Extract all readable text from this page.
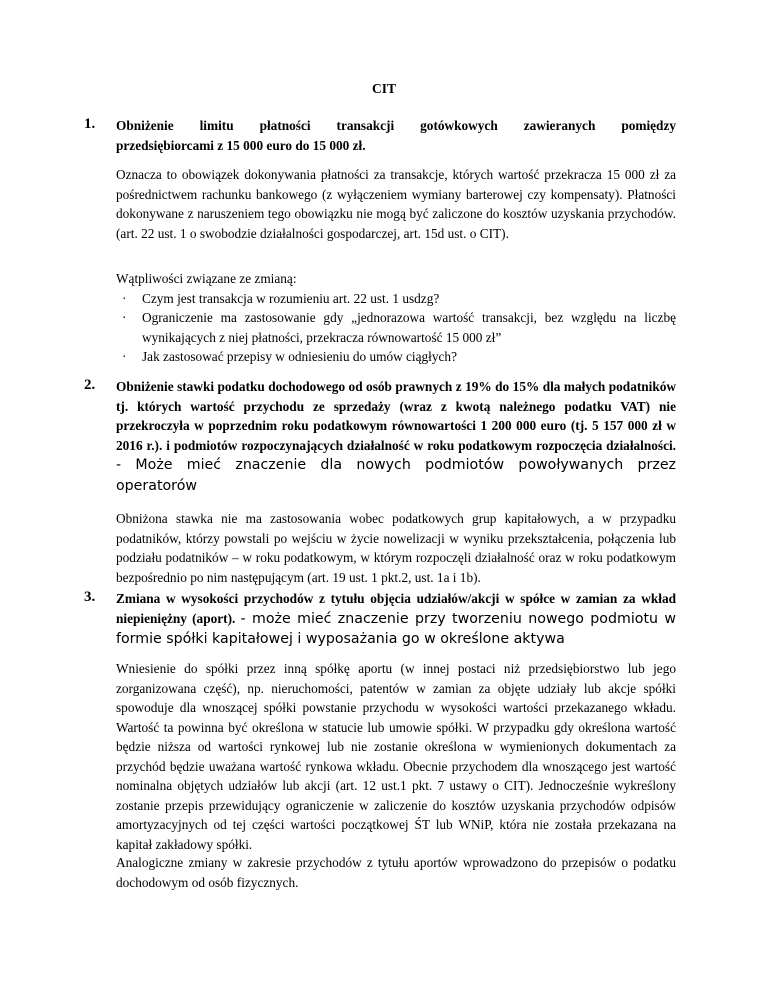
CIT
1. Obniżenie limitu płatności transakcji gotówkowych zawieranych pomiędzy
przedsiębiorcami z 15 000 euro do 15 000 zł.

Oznacza to obowiązek dokonywania płatności za transakcje, których wartość przekracza 15 000 zł za pośrednictwem rachunku bankowego (z wyłączeniem wymiany barterowej czy kompensaty). Płatności dokonywane z naruszeniem tego obowiązku nie mogą być zaliczone do kosztów uzyskania przychodów.(art. 22 ust. 1 o swobodzie działalności gospodarczej, art. 15d ust. o CIT).

Wątpliwości związane ze zmianą:

· Czym jest transakcja w rozumieniu art. 22 ust. 1 usdzg?
· Ograniczenie ma zastosowanie gdy „jednorazowa wartość transakcji, bez względu na liczbę wynikających z niej płatności, przekracza równowartość 15 000 zł”
· Jak zastosować przepisy w odniesieniu do umów ciągłych?
2. Obniżenie stawki podatku dochodowego od osób prawnych z 19% do 15% dla małych podatników tj. których wartość przychodu ze sprzedaży (wraz z kwotą należnego podatku VAT) nie przekroczyła w poprzednim roku podatkowym równowartości 1 200 000 euro (tj. 5 157 000 zł w 2016 r.). i podmiotów rozpoczynających działalność w roku podatkowym rozpoczęcia działalności. - Może mieć znaczenie dla nowych podmiotów powoływanych przez operatorów

Obniżona stawka nie ma zastosowania wobec podatkowych grup kapitałowych, a w przypadku podatników, którzy powstali po wejściu w życie nowelizacji w wyniku przekształcenia, połączenia lub podziału podatników – w roku podatkowym, w którym rozpoczęli działalność oraz w roku podatkowym bezpośrednio po nim następującym (art. 19 ust. 1 pkt.2, ust. 1a i 1b).

3. Zmiana w wysokości przychodów z tytułu objęcia udziałów/akcji w spółce w zamian za wkład niepieniężny (aport). - może mieć znaczenie przy tworzeniu nowego podmiotu w formie spółki kapitałowej i wyposażania go w określone aktywa

Wniesienie do spółki przez inną spółkę aportu (w innej postaci niż przedsiębiorstwo lub jego zorganizowana część), np. nieruchomości, patentów w zamian za objęte udziały lub akcje spółki spowoduje dla wnoszącej spółki powstanie przychodu w wysokości wartości przekazanego wkładu. Wartość ta powinna być określona w statucie lub umowie spółki. W przypadku gdy określona wartość będzie niższa od wartości rynkowej lub nie zostanie określona w wymienionych dokumentach za przychód będzie uważana wartość rynkowa wkładu. Obecnie przychodem dla wnoszącego jest wartość nominalna objętych udziałów lub akcji (art. 12 ust.1 pkt. 7 ustawy o CIT). Jednocześnie wykreślony zostanie przepis przewidujący ograniczenie w zaliczenie do kosztów uzyskania przychodów odpisów amortyzacyjnych od tej części wartości początkowej ŚT lub WNiP, która nie została przekazana na kapitał zakładowy spółki.

Analogiczne zmiany w zakresie przychodów z tytułu aportów wprowadzono do przepisów o podatku dochodowym od osób fizycznych.
